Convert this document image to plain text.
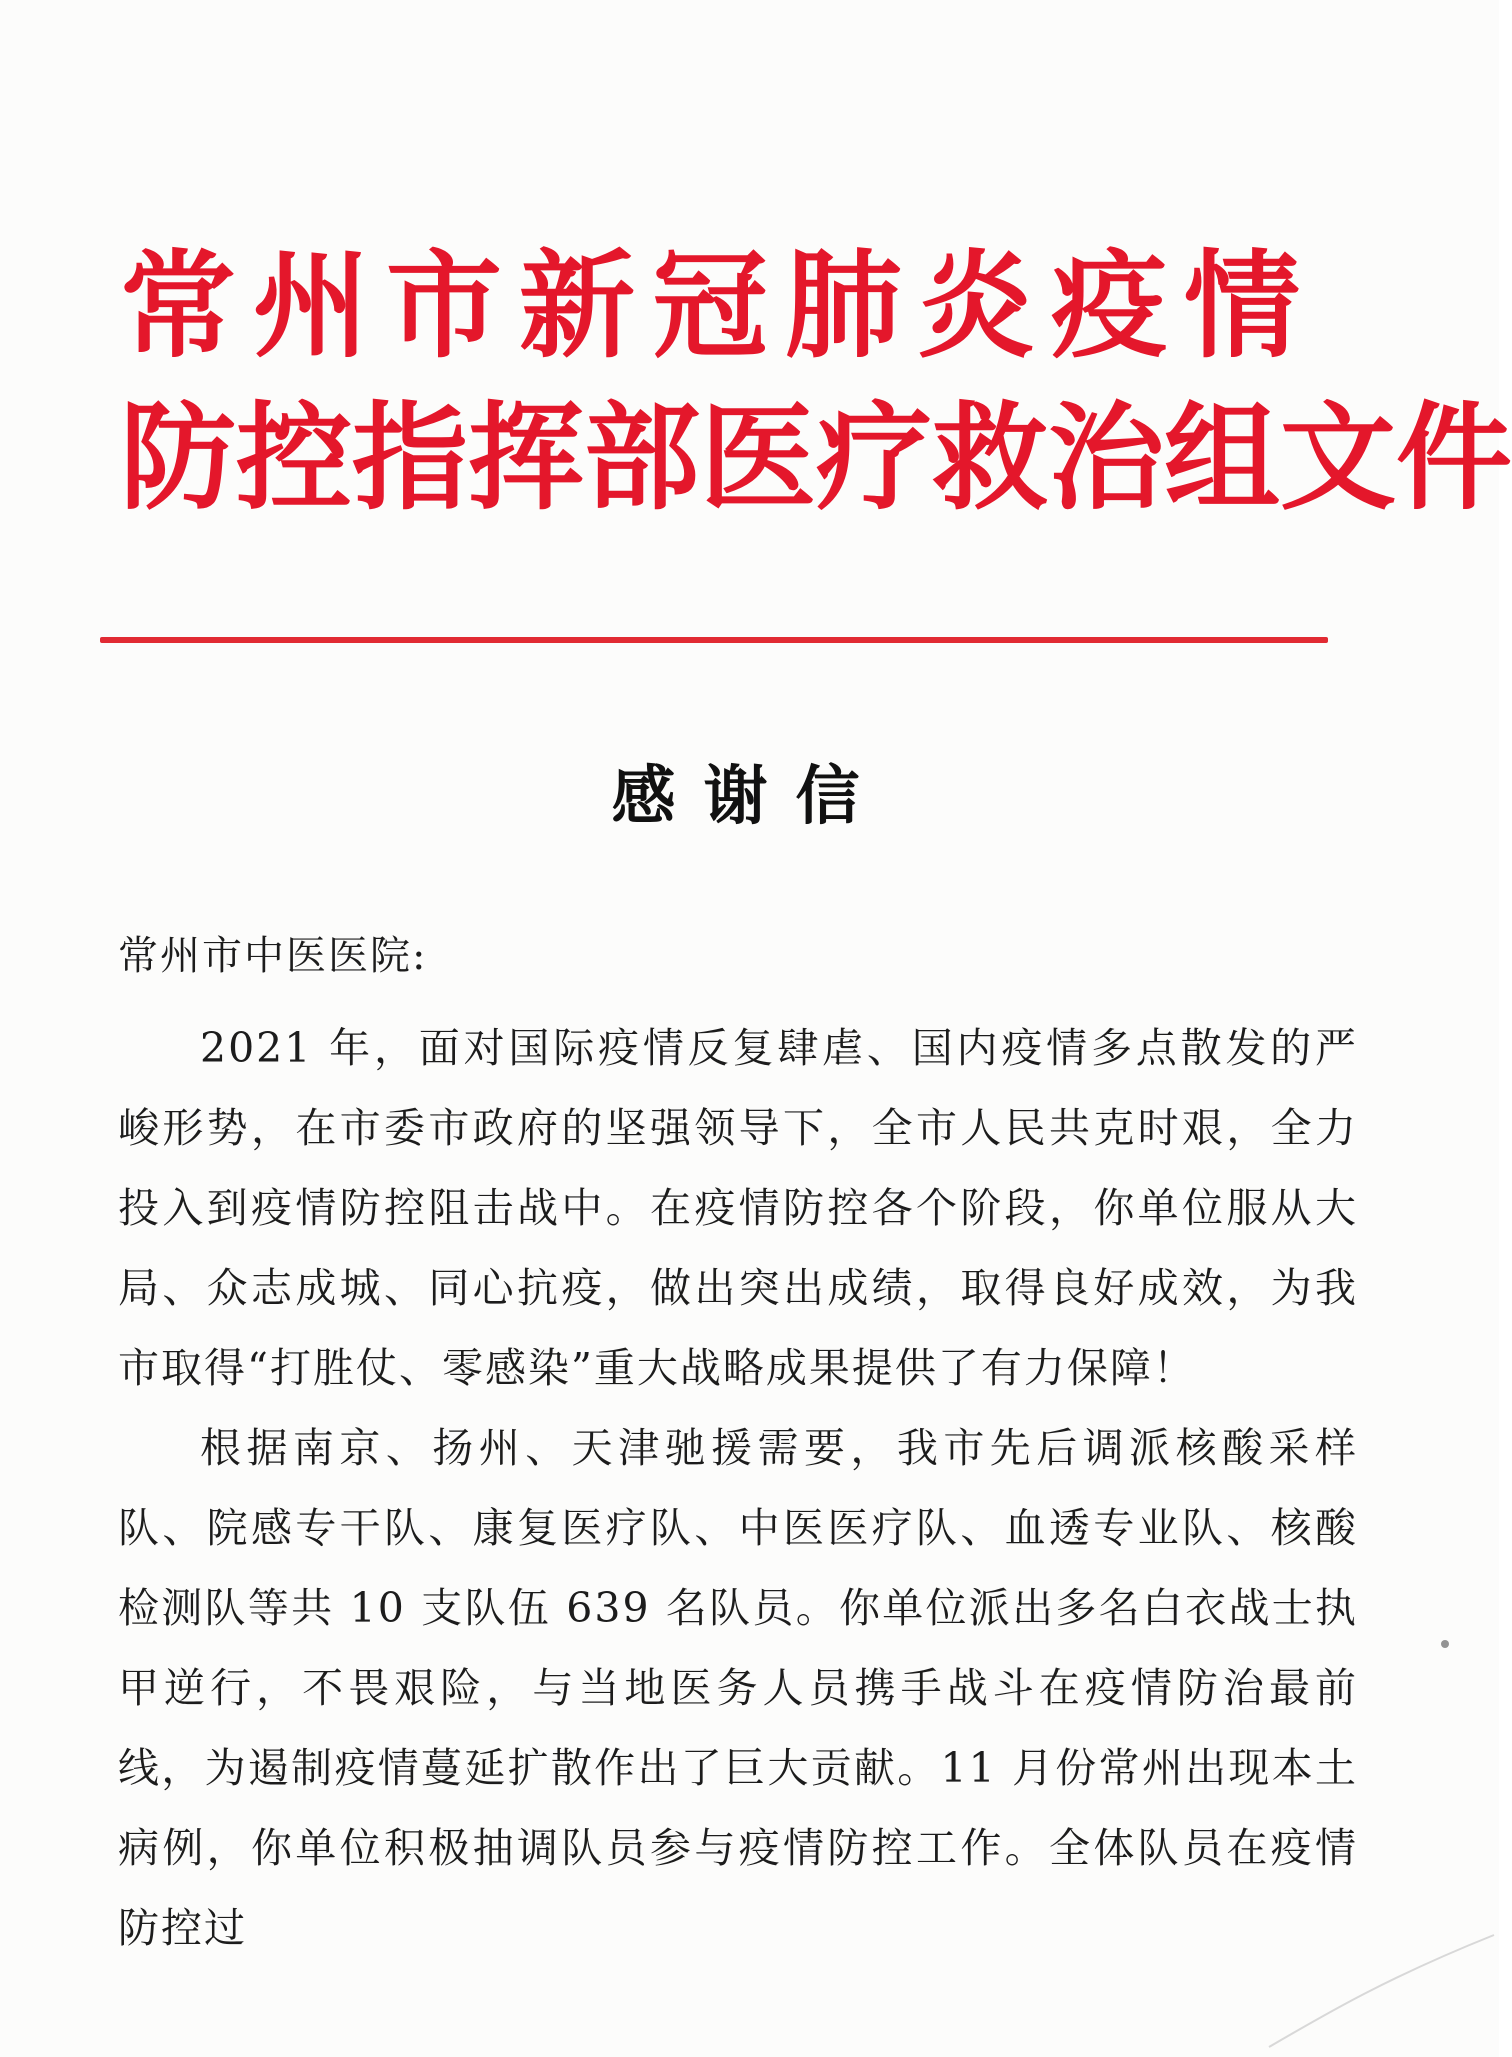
常 州 市 新 冠 肺 炎 疫 情
防 控 指 挥 部 医 疗 救 治 组 文 件
感谢信
常州市中医医院:

2021 年，面对国际疫情反复肆虐、国内疫情多点散发的严峻形势，在市委市政府的坚强领导下，全市人民共克时艰，全力投入到疫情防控阻击战中。在疫情防控各个阶段，你单位服从大局、众志成城、同心抗疫，做出突出成绩，取得良好成效，为我市取得“打胜仗、零感染”重大战略成果提供了有力保障！

根据南京、扬州、天津驰援需要，我市先后调派核酸采样队、院感专干队、康复医疗队、中医医疗队、血透专业队、核酸检测队等共 10 支队伍 639 名队员。你单位派出多名白衣战士执甲逆行，不畏艰险，与当地医务人员携手战斗在疫情防治最前线，为遏制疫情蔓延扩散作出了巨大贡献。11 月份常州出现本土病例，你单位积极抽调队员参与疫情防控工作。全体队员在疫情防控过
